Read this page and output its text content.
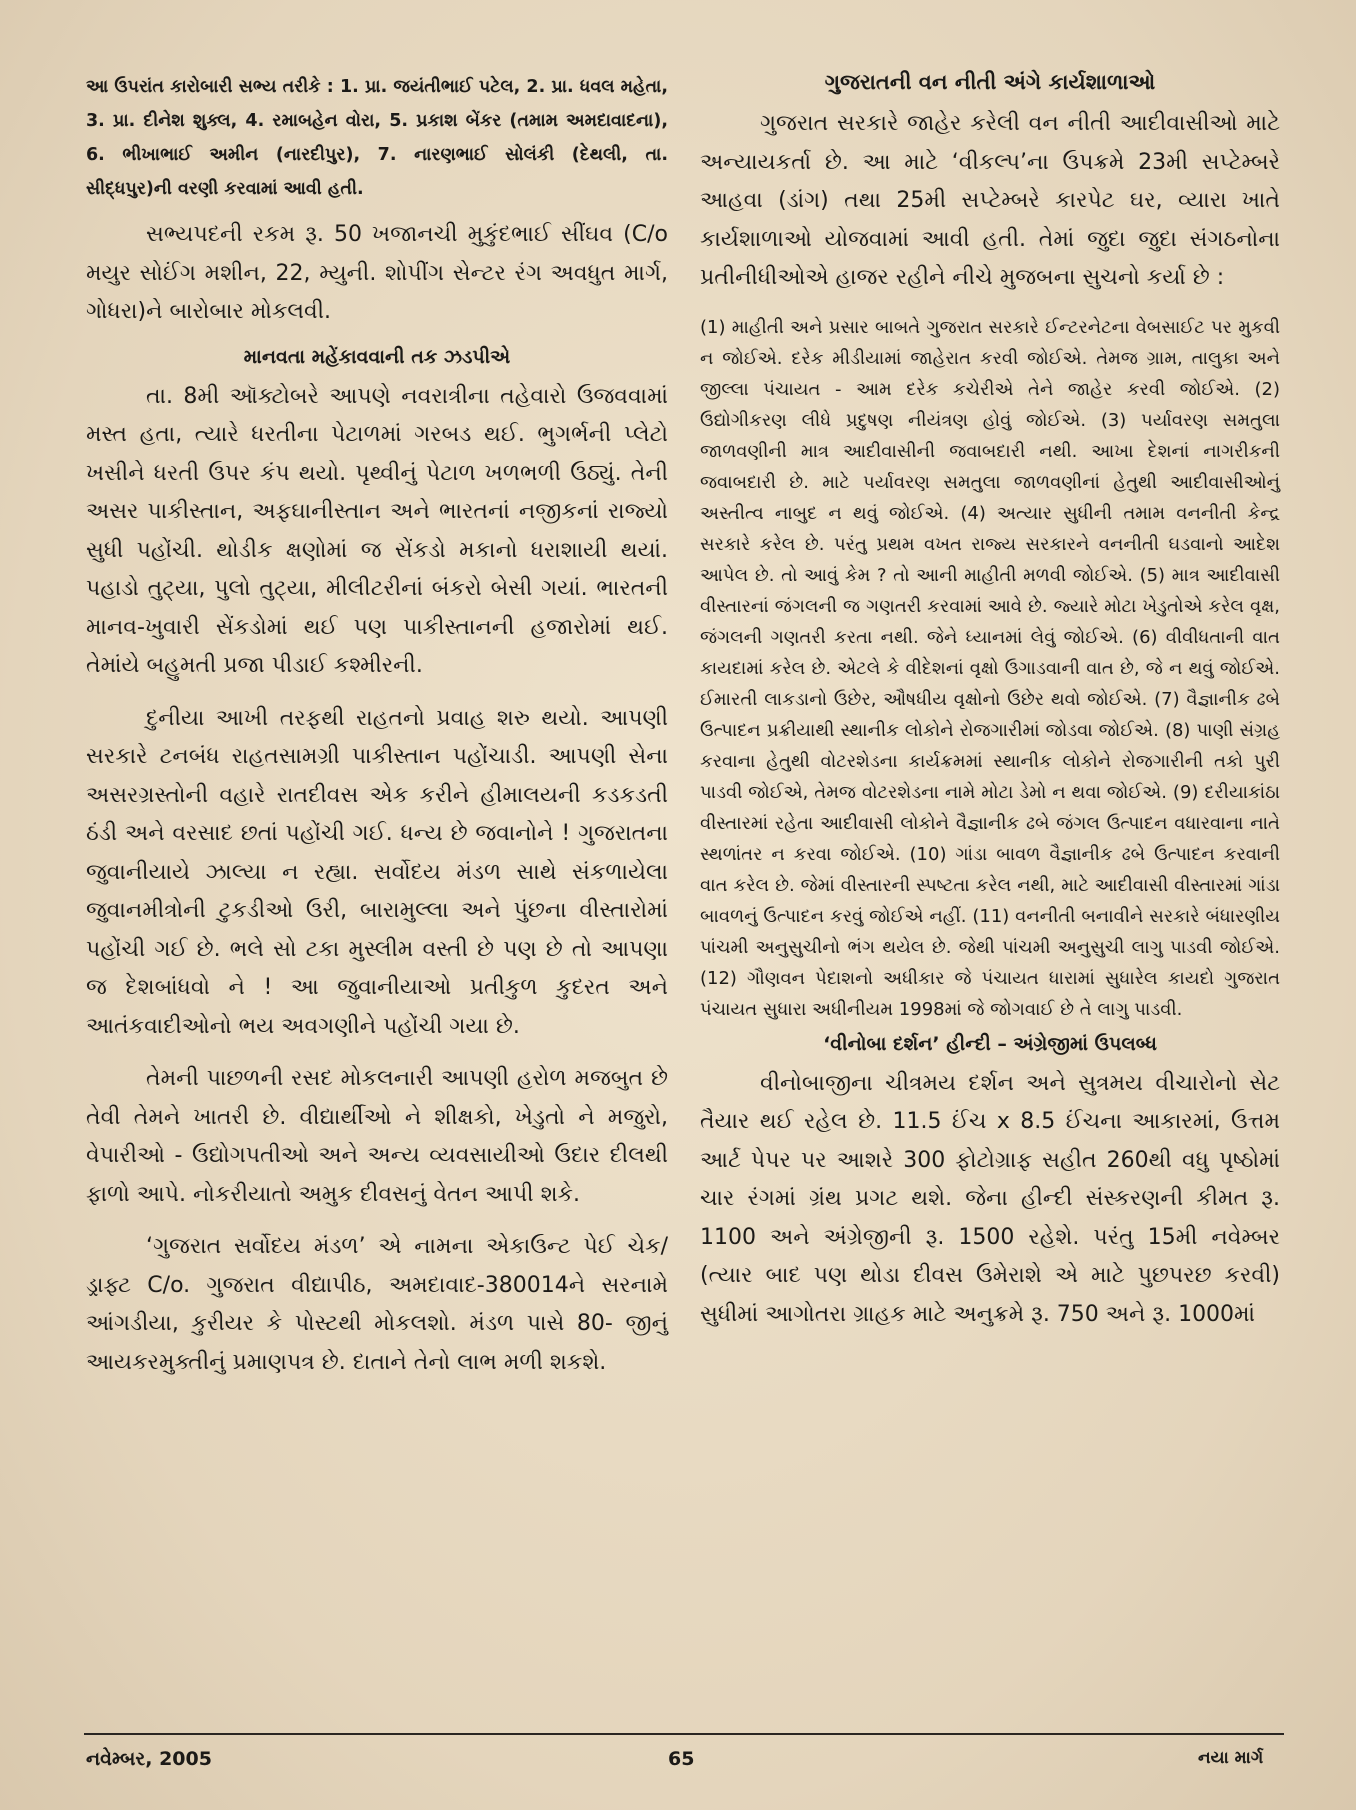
આ ઉપરાંત કારોબારી સભ્ય તરીકે : 1. પ્રા. જયંતીભાઈ પટેલ, 2. પ્રા. ધવલ મહેતા, 3. પ્રા. દીનેશ શુક્લ, 4. રમાબહેન વોરા, 5. પ્રકાશ બેંકર (તમામ અમદાવાદના), 6. ભીખાભાઈ અમીન (નારદીપુર), 7. નારણભાઈ સોલંકી (દેથલી, તા. સીદ્ધપુર)ની વરણી કરવામાં આવી હતી.

સભ્યપદની રકમ રૂ. 50 ખજાનચી મુકુંદભાઈ સીંઘવ (C/o મયુર સોઈંગ મશીન, 22, મ્યુની. શોપીંગ સેન્ટર રંગ અવધુત માર્ગ, ગોધરા)ને બારોબાર મોકલવી.

માનવતા મહેંકાવવાની તક ઝડપીએ

તા. 8મી ઑક્ટોબરે આપણે નવરાત્રીના તહેવારો ઉજવવામાં મસ્ત હતા, ત્યારે ધરતીના પેટાળમાં ગરબડ થઈ. ભુગર્ભની પ્લેટો ખસીને ધરતી ઉપર કંપ થયો. પૃથ્વીનું પેટાળ ખળભળી ઉઠ્યું. તેની અસર પાકીસ્તાન, અફઘાનીસ્તાન અને ભારતનાં નજીકનાં રાજ્યો સુધી પહોંચી. થોડીક ક્ષણોમાં જ સેંકડો મકાનો ધરાશાયી થયાં. પહાડો તુટ્યા, પુલો તુટ્યા, મીલીટરીનાં બંકરો બેસી ગયાં. ભારતની માનવ-ખુવારી સેંકડોમાં થઈ પણ પાકીસ્તાનની હજારોમાં થઈ. તેમાંયે બહુમતી પ્રજા પીડાઈ કશ્મીરની.

દુનીયા આખી તરફથી રાહતનો પ્રવાહ શરુ થયો. આપણી સરકારે ટનબંધ રાહતસામગ્રી પાકીસ્તાન પહોંચાડી. આપણી સેના અસરગ્રસ્તોની વહારે રાતદીવસ એક કરીને હીમાલયની કડકડતી ઠંડી અને વરસાદ છતાં પહોંચી ગઈ. ધન્ય છે જવાનોને ! ગુજરાતના જુવાનીયાયે ઝાલ્યા ન રહ્યા. સર્વોદય મંડળ સાથે સંકળાયેલા જુવાનમીત્રોની ટુકડીઓ ઉરી, બારામુલ્લા અને પુંછના વીસ્તારોમાં પહોંચી ગઈ છે. ભલે સો ટકા મુસ્લીમ વસ્તી છે પણ છે તો આપણા જ દેશબાંધવો ને ! આ જુવાનીયાઓ પ્રતીકુળ કુદરત અને આતંકવાદીઓનો ભય અવગણીને પહોંચી ગયા છે.

તેમની પાછળની રસદ મોકલનારી આપણી હરોળ મજબુત છે તેવી તેમને ખાતરી છે. વીદ્યાર્થીઓ ને શીક્ષકો, ખેડુતો ને મજુરો, વેપારીઓ - ઉદ્યોગપતીઓ અને અન્ય વ્યવસાયીઓ ઉદાર દીલથી ફાળો આપે. નોકરીયાતો અમુક દીવસનું વેતન આપી શકે.

‘ગુજરાત સર્વોદય મંડળ’ એ નામના એકાઉન્ટ પેઈ ચેક/ડ્રાફ્ટ C/o. ગુજરાત વીદ્યાપીઠ, અમદાવાદ-380014ને સરનામે આંગડીયા, કુરીયર કે પોસ્ટથી મોકલશો. મંડળ પાસે 80- જીનું આયકરમુક્તીનું પ્રમાણપત્ર છે. દાતાને તેનો લાભ મળી શકશે.

ગુજરાતની વન નીતી અંગે કાર્યશાળાઓ

ગુજરાત સરકારે જાહેર કરેલી વન નીતી આદીવાસીઓ માટે અન્યાયકર્તા છે. આ માટે ‘વીકલ્પ’ના ઉપક્રમે 23મી સપ્ટેમ્બરે આહવા (ડાંગ) તથા 25મી સપ્ટેમ્બરે કારપેટ ઘર, વ્યારા ખાતે કાર્યશાળાઓ યોજવામાં આવી હતી. તેમાં જુદા જુદા સંગઠનોના પ્રતીનીધીઓએ હાજર રહીને નીચે મુજબના સુચનો કર્યા છે :

(1) માહીતી અને પ્રસાર બાબતે ગુજરાત સરકારે ઈન્ટરનેટના વેબસાઈટ પર મુકવી ન જોઈએ. દરેક મીડીયામાં જાહેરાત કરવી જોઈએ. તેમજ ગ્રામ, તાલુકા અને જીલ્લા પંચાયત - આમ દરેક કચેરીએ તેને જાહેર કરવી જોઈએ. (2) ઉદ્યોગીકરણ લીધે પ્રદુષણ નીયંત્રણ હોવું જોઈએ. (3) પર્યાવરણ સમતુલા જાળવણીની માત્ર આદીવાસીની જવાબદારી નથી. આખા દેશનાં નાગરીકની જવાબદારી છે. માટે પર્યાવરણ સમતુલા જાળવણીનાં હેતુથી આદીવાસીઓનું અસ્તીત્વ નાબુદ ન થવું જોઈએ. (4) અત્યાર સુધીની તમામ વનનીતી કેન્દ્ર સરકારે કરેલ છે. પરંતુ પ્રથમ વખત રાજ્ય સરકારને વનનીતી ઘડવાનો આદેશ આપેલ છે. તો આવું કેમ ? તો આની માહીતી મળવી જોઈએ. (5) માત્ર આદીવાસી વીસ્તારનાં જંગલની જ ગણતરી કરવામાં આવે છે. જ્યારે મોટા ખેડુતોએ કરેલ વૃક્ષ, જંગલની ગણતરી કરતા નથી. જેને ધ્યાનમાં લેવું જોઈએ. (6) વીવીધતાની વાત કાયદામાં કરેલ છે. એટલે કે વીદેશનાં વૃક્ષો ઉગાડવાની વાત છે, જે ન થવું જોઈએ. ઈમારતી લાકડાનો ઉછેર, ઔષધીય વૃક્ષોનો ઉછેર થવો જોઈએ. (7) વૈજ્ઞાનીક ઢબે ઉત્પાદન પ્રક્રીયાથી સ્થાનીક લોકોને રોજગારીમાં જોડવા જોઈએ. (8) પાણી સંગ્રહ કરવાના હેતુથી વોટરશેડના કાર્યક્રમમાં સ્થાનીક લોકોને રોજગારીની તકો પુરી પાડવી જોઈએ, તેમજ વોટરશેડના નામે મોટા ડેમો ન થવા જોઈએ. (9) દરીયાકાંઠા વીસ્તારમાં રહેતા આદીવાસી લોકોને વૈજ્ઞાનીક ઢબે જંગલ ઉત્પાદન વધારવાના નાતે સ્થળાંતર ન કરવા જોઈએ. (10) ગાંડા બાવળ વૈજ્ઞાનીક ઢબે ઉત્પાદન કરવાની વાત કરેલ છે. જેમાં વીસ્તારની સ્પષ્ટતા કરેલ નથી, માટે આદીવાસી વીસ્તારમાં ગાંડા બાવળનું ઉત્પાદન કરવું જોઈએ નહીં. (11) વનનીતી બનાવીને સરકારે બંધારણીય પાંચમી અનુસુચીનો ભંગ થયેલ છે. જેથી પાંચમી અનુસુચી લાગુ પાડવી જોઈએ. (12) ગૌણવન પેદાશનો અધીકાર જે પંચાયત ધારામાં સુધારેલ કાયદો ગુજરાત પંચાયત સુધારા અધીનીયમ 1998માં જે જોગવાઈ છે તે લાગુ પાડવી.

‘વીનોબા દર્શન’ હીન્દી – અંગ્રેજીમાં ઉપલબ્ધ

વીનોબાજીના ચીત્રમય દર્શન અને સુત્રમય વીચારોનો સેટ તૈયાર થઈ રહેલ છે. 11.5 ઈંચ x 8.5 ઈંચના આકારમાં, ઉત્તમ આર્ટ પેપર પર આશરે 300 ફોટોગ્રાફ સહીત 260થી વધુ પૃષ્ઠોમાં ચાર રંગમાં ગ્રંથ પ્રગટ થશે. જેના હીન્દી સંસ્કરણની કીમત રૂ. 1100 અને અંગ્રેજીની રૂ. 1500 રહેશે. પરંતુ 15મી નવેમ્બર (ત્યાર બાદ પણ થોડા દીવસ ઉમેરાશે એ માટે પુછપરછ કરવી) સુધીમાં આગોતરા ગ્રાહક માટે અનુક્રમે રૂ. 750 અને રૂ. 1000માં

નવેમ્બર, 2005	65	નયા માર્ગ
